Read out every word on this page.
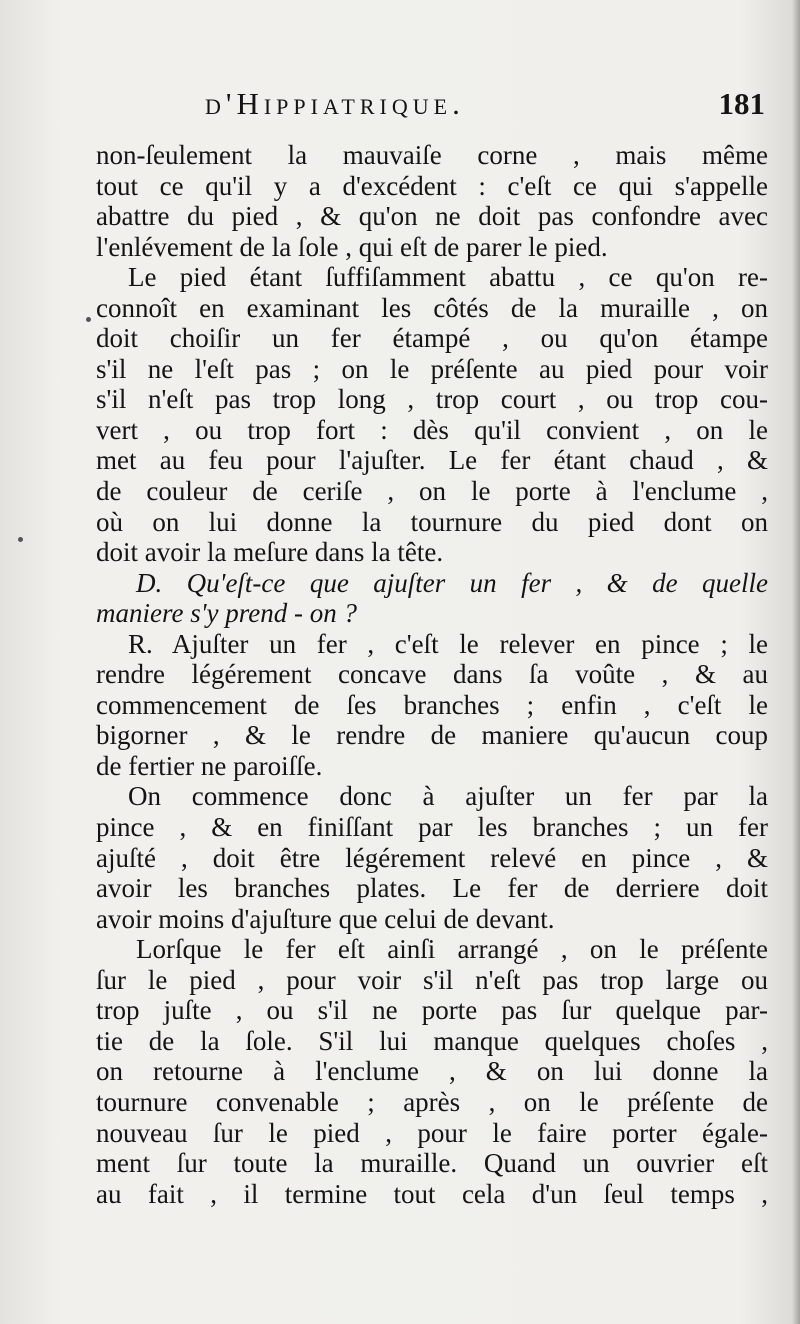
d'Hippiatrique.	181
non-ſeulement la mauvaiſe corne , mais même
tout ce qu'il y a d'excédent : c'eſt ce qui s'appelle
abattre du pied , & qu'on ne doit pas confondre avec
l'enlévement de la ſole , qui eſt de parer le pied.
Le pied étant ſuffiſamment abattu , ce qu'on re-
connoît en examinant les côtés de la muraille , on
doit choiſir un fer étampé , ou qu'on étampe
s'il ne l'eſt pas ; on le préſente au pied pour voir
s'il n'eſt pas trop long , trop court , ou trop cou-
vert , ou trop fort : dès qu'il convient , on le
met au feu pour l'ajuſter. Le fer étant chaud , &
de couleur de ceriſe , on le porte à l'enclume ,
où on lui donne la tournure du pied dont on
doit avoir la meſure dans la tête.
D. Qu'eſt-ce que ajuſter un fer , & de quelle
maniere s'y prend - on ?
R. Ajuſter un fer , c'eſt le relever en pince ; le
rendre légérement concave dans ſa voûte , & au
commencement de ſes branches ; enfin , c'eſt le
bigorner , & le rendre de maniere qu'aucun coup
de fertier ne paroiſſe.
On commence donc à ajuſter un fer par la
pince , & en finiſſant par les branches ; un fer
ajuſté , doit être légérement relevé en pince , &
avoir les branches plates. Le fer de derriere doit
avoir moins d'ajuſture que celui de devant.
Lorſque le fer eſt ainſi arrangé , on le préſente
ſur le pied , pour voir s'il n'eſt pas trop large ou
trop juſte , ou s'il ne porte pas ſur quelque par-
tie de la ſole. S'il lui manque quelques choſes ,
on retourne à l'enclume , & on lui donne la
tournure convenable ; après , on le préſente de
nouveau ſur le pied , pour le faire porter égale-
ment ſur toute la muraille. Quand un ouvrier eſt
au fait , il termine tout cela d'un ſeul temps ,
